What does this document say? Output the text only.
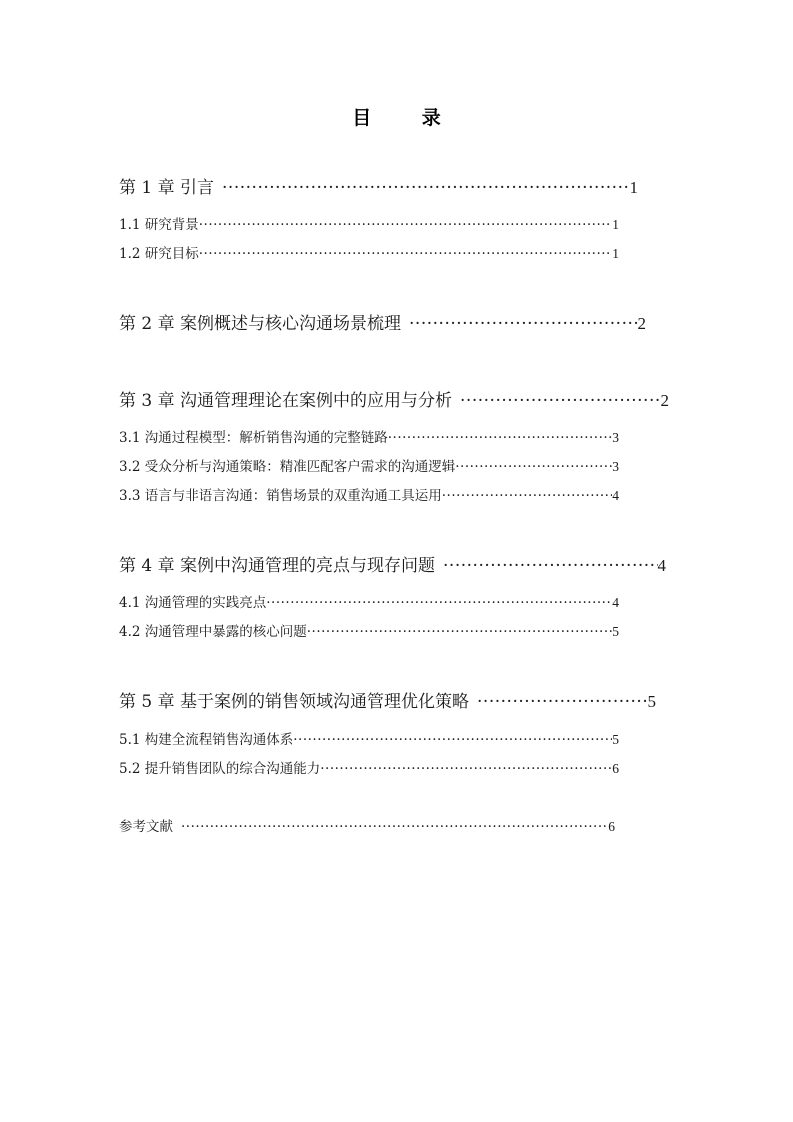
目 录
第 1 章 引言 ·····	1
1.1 研究背景 ·····	1
1.2 研究目标 ·····	1
第 2 章 案例概述与核心沟通场景梳理 ·····	2
第 3 章 沟通管理理论在案例中的应用与分析 ·····	2
3.1 沟通过程模型：解析销售沟通的完整链路 ·····	3
3.2 受众分析与沟通策略：精准匹配客户需求的沟通逻辑 ·····	3
3.3 语言与非语言沟通：销售场景的双重沟通工具运用 ·····	4
第 4 章 案例中沟通管理的亮点与现存问题 ·····	4
4.1 沟通管理的实践亮点 ·····	4
4.2 沟通管理中暴露的核心问题 ·····	5
第 5 章 基于案例的销售领域沟通管理优化策略 ·····	5
5.1 构建全流程销售沟通体系 ·····	5
5.2 提升销售团队的综合沟通能力 ·····	6
参考文献 ·····	6
